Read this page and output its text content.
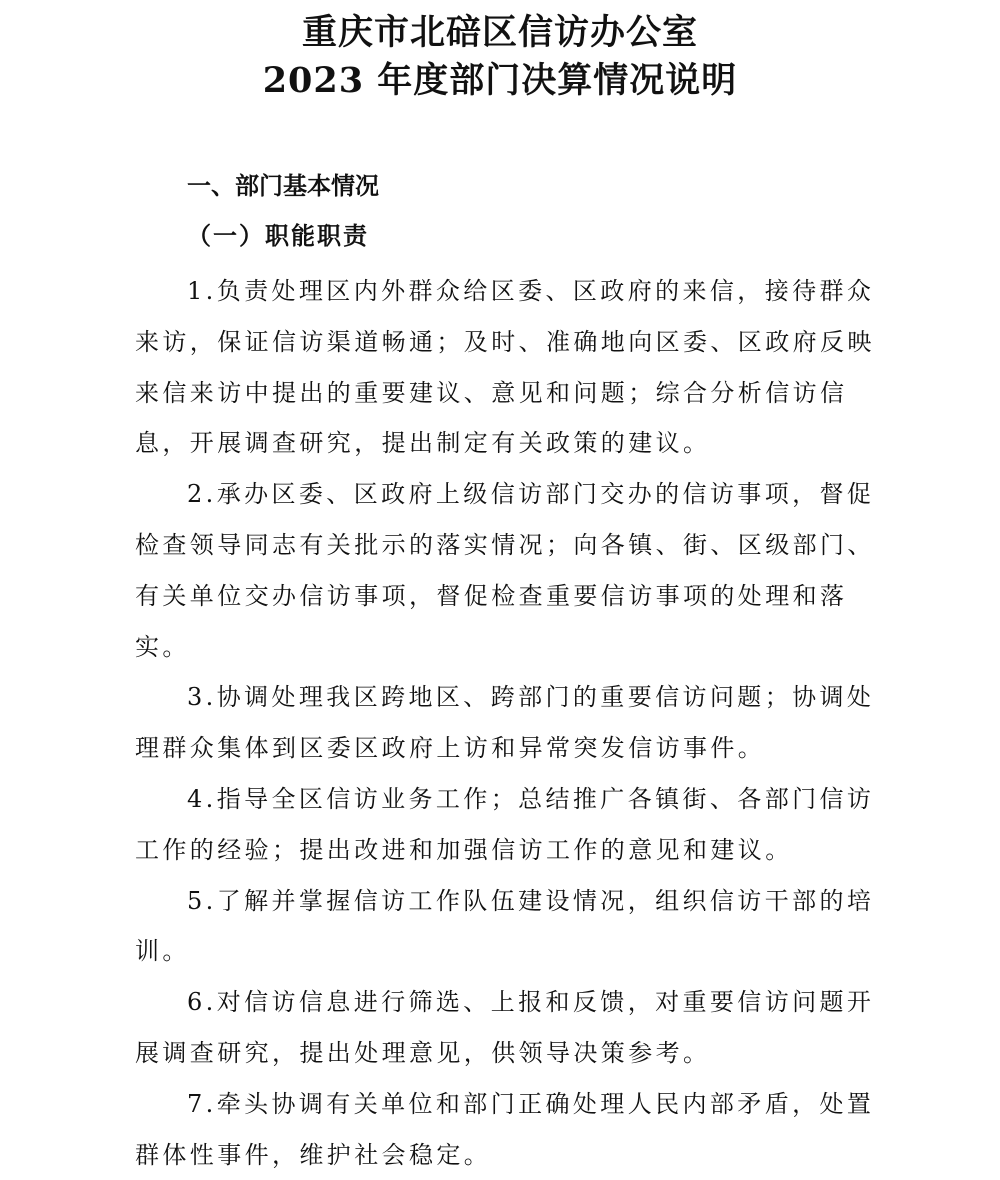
重庆市北碚区信访办公室
2023 年度部门决算情况说明
一、部门基本情况
（一）职能职责

1.负责处理区内外群众给区委、区政府的来信，接待群众来访，保证信访渠道畅通；及时、准确地向区委、区政府反映来信来访中提出的重要建议、意见和问题；综合分析信访信息，开展调查研究，提出制定有关政策的建议。

2.承办区委、区政府上级信访部门交办的信访事项，督促检查领导同志有关批示的落实情况；向各镇、街、区级部门、有关单位交办信访事项，督促检查重要信访事项的处理和落实。

3.协调处理我区跨地区、跨部门的重要信访问题；协调处理群众集体到区委区政府上访和异常突发信访事件。

4.指导全区信访业务工作；总结推广各镇街、各部门信访工作的经验；提出改进和加强信访工作的意见和建议。

5.了解并掌握信访工作队伍建设情况，组织信访干部的培训。

6.对信访信息进行筛选、上报和反馈，对重要信访问题开展调查研究，提出处理意见，供领导决策参考。

7.牵头协调有关单位和部门正确处理人民内部矛盾，处置群体性事件，维护社会稳定。
